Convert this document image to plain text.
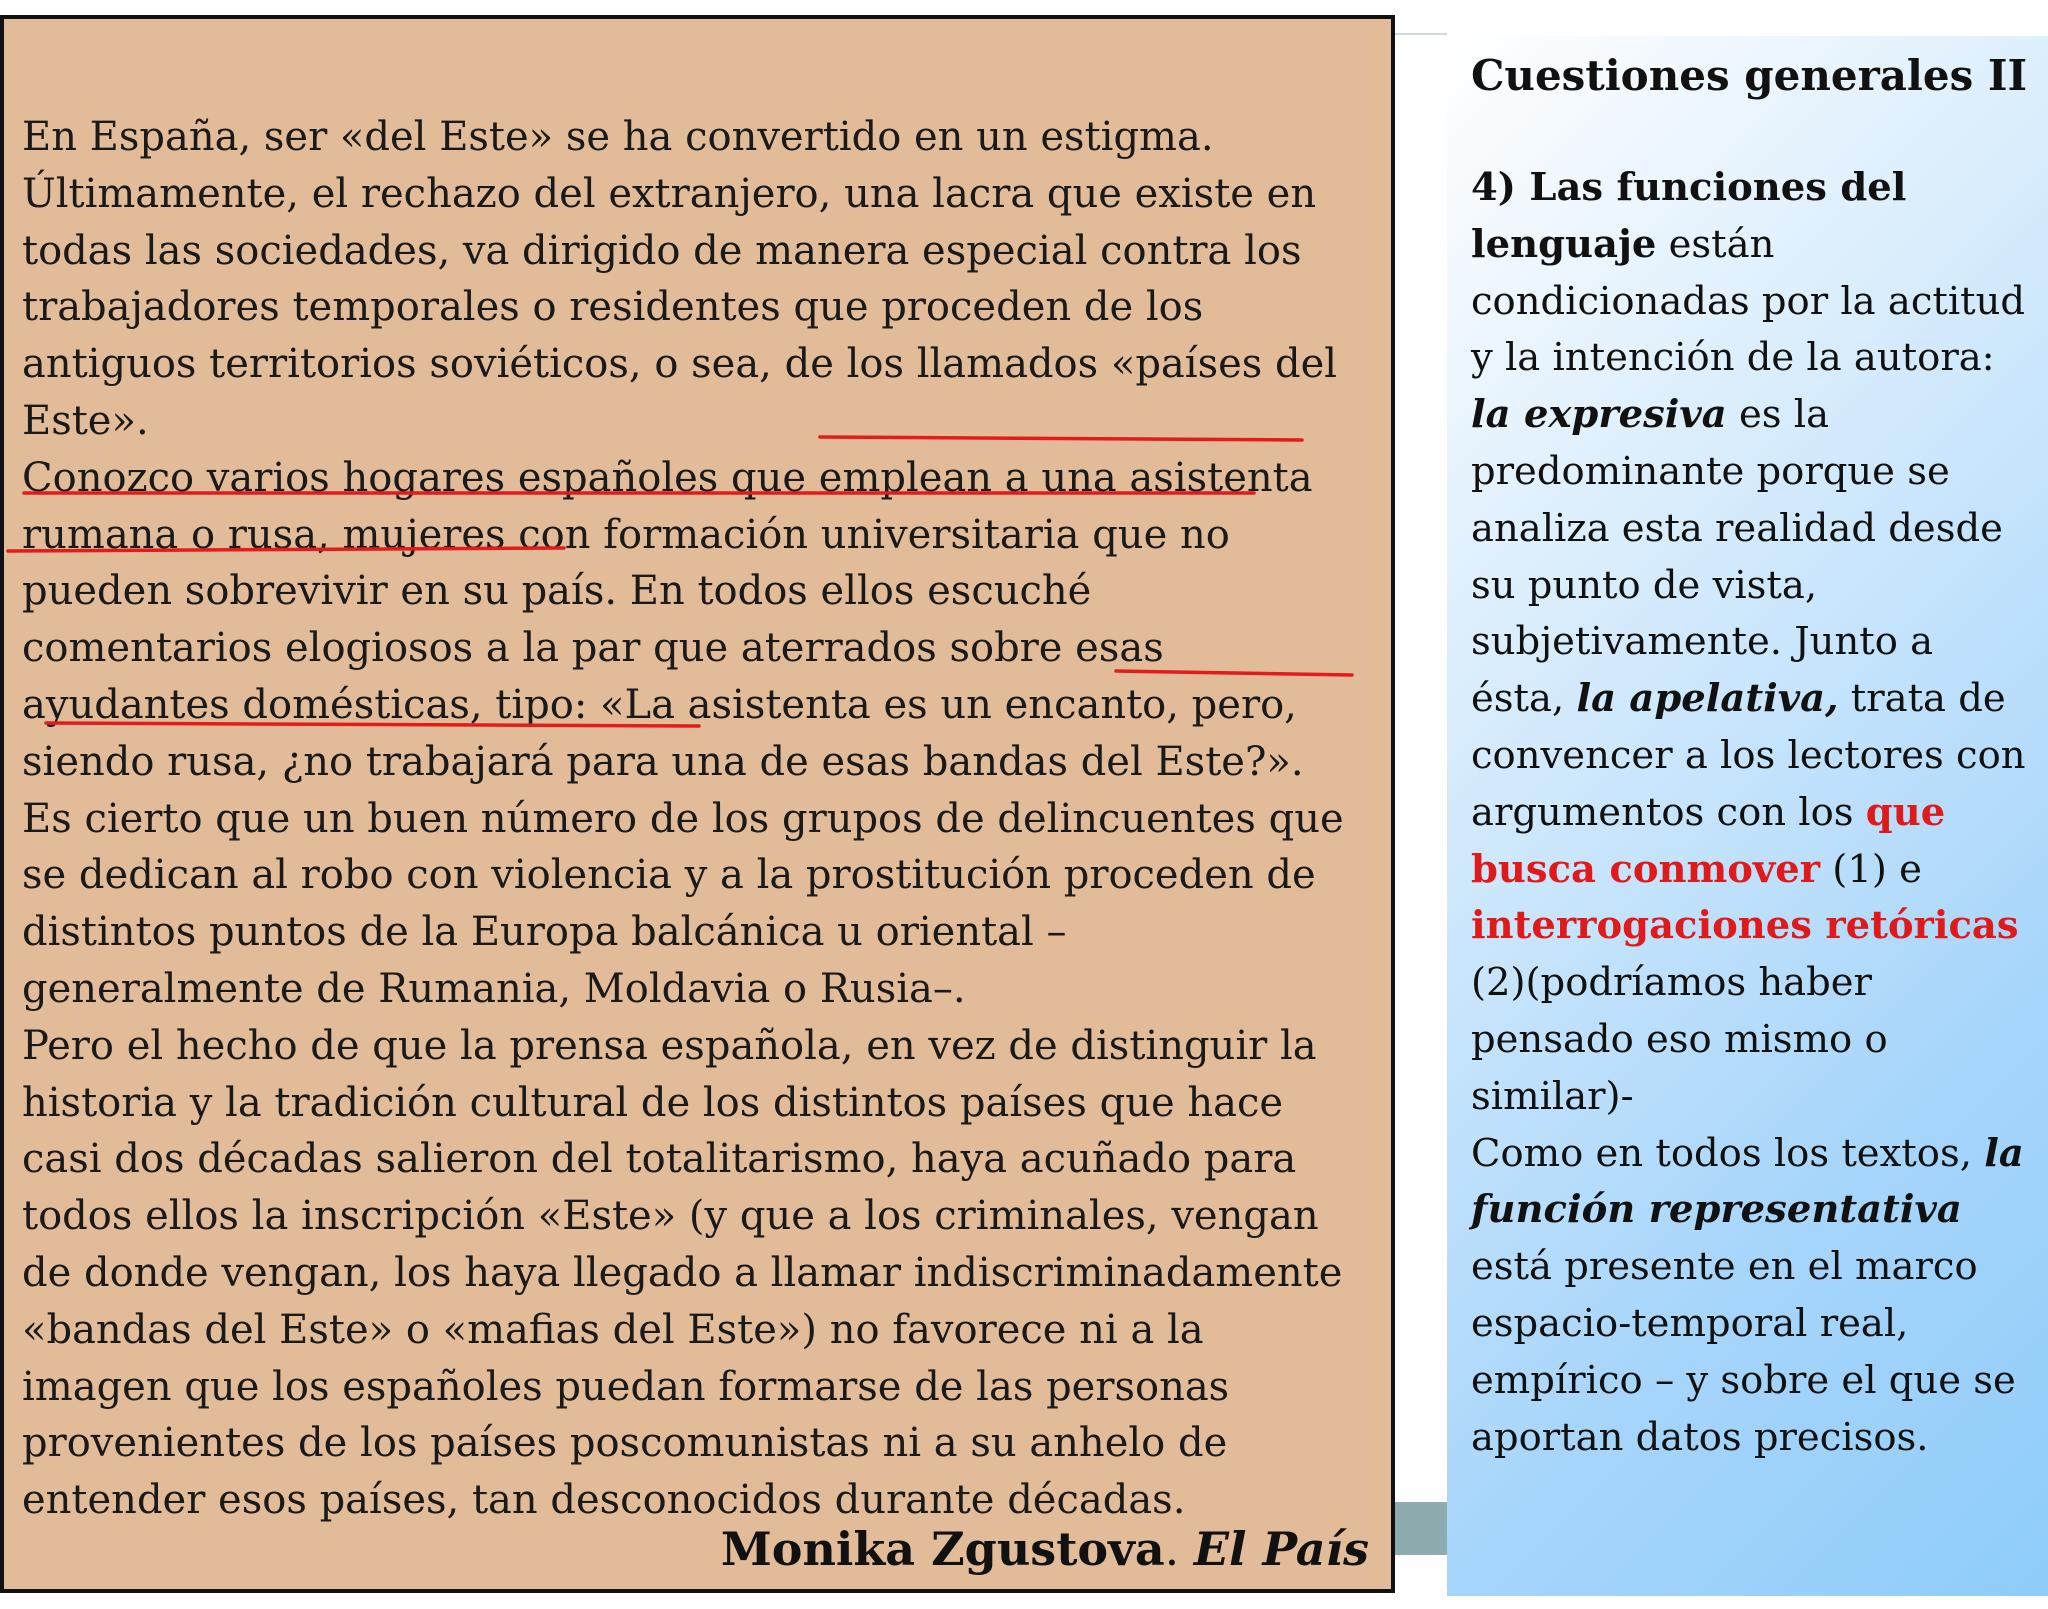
En España, ser «del Este» se ha convertido en un estigma.
Últimamente, el rechazo del extranjero, una lacra que existe en
todas las sociedades, va dirigido de manera especial contra los
trabajadores temporales o residentes que proceden de los
antiguos territorios soviéticos, o sea, de los llamados «países del
Este».
Conozco varios hogares españoles que emplean a una asistenta
rumana o rusa, mujeres con formación universitaria que no
pueden sobrevivir en su país. En todos ellos escuché
comentarios elogiosos a la par que aterrados sobre esas
ayudantes domésticas, tipo: «La asistenta es un encanto, pero,
siendo rusa, ¿no trabajará para una de esas bandas del Este?».
Es cierto que un buen número de los grupos de delincuentes que
se dedican al robo con violencia y a la prostitución proceden de
distintos puntos de la Europa balcánica u oriental –
generalmente de Rumania, Moldavia o Rusia–.
Pero el hecho de que la prensa española, en vez de distinguir la
historia y la tradición cultural de los distintos países que hace
casi dos décadas salieron del totalitarismo, haya acuñado para
todos ellos la inscripción «Este» (y que a los criminales, vengan
de donde vengan, los haya llegado a llamar indiscriminadamente
«bandas del Este» o «mafias del Este») no favorece ni a la
imagen que los españoles puedan formarse de las personas
provenientes de los países poscomunistas ni a su anhelo de
entender esos países, tan desconocidos durante décadas.

Monika Zgustova. El País

Cuestiones generales II

4) Las funciones del lenguaje están condicionadas por la actitud y la intención de la autora: la expresiva es la predominante porque se analiza esta realidad desde su punto de vista, subjetivamente. Junto a ésta, la apelativa, trata de convencer a los lectores con argumentos con los que busca conmover (1) e interrogaciones retóricas (2)(podríamos haber pensado eso mismo o similar)-
Como en todos los textos, la función representativa está presente en el marco espacio-temporal real, empírico – y sobre el que se aportan datos precisos.
